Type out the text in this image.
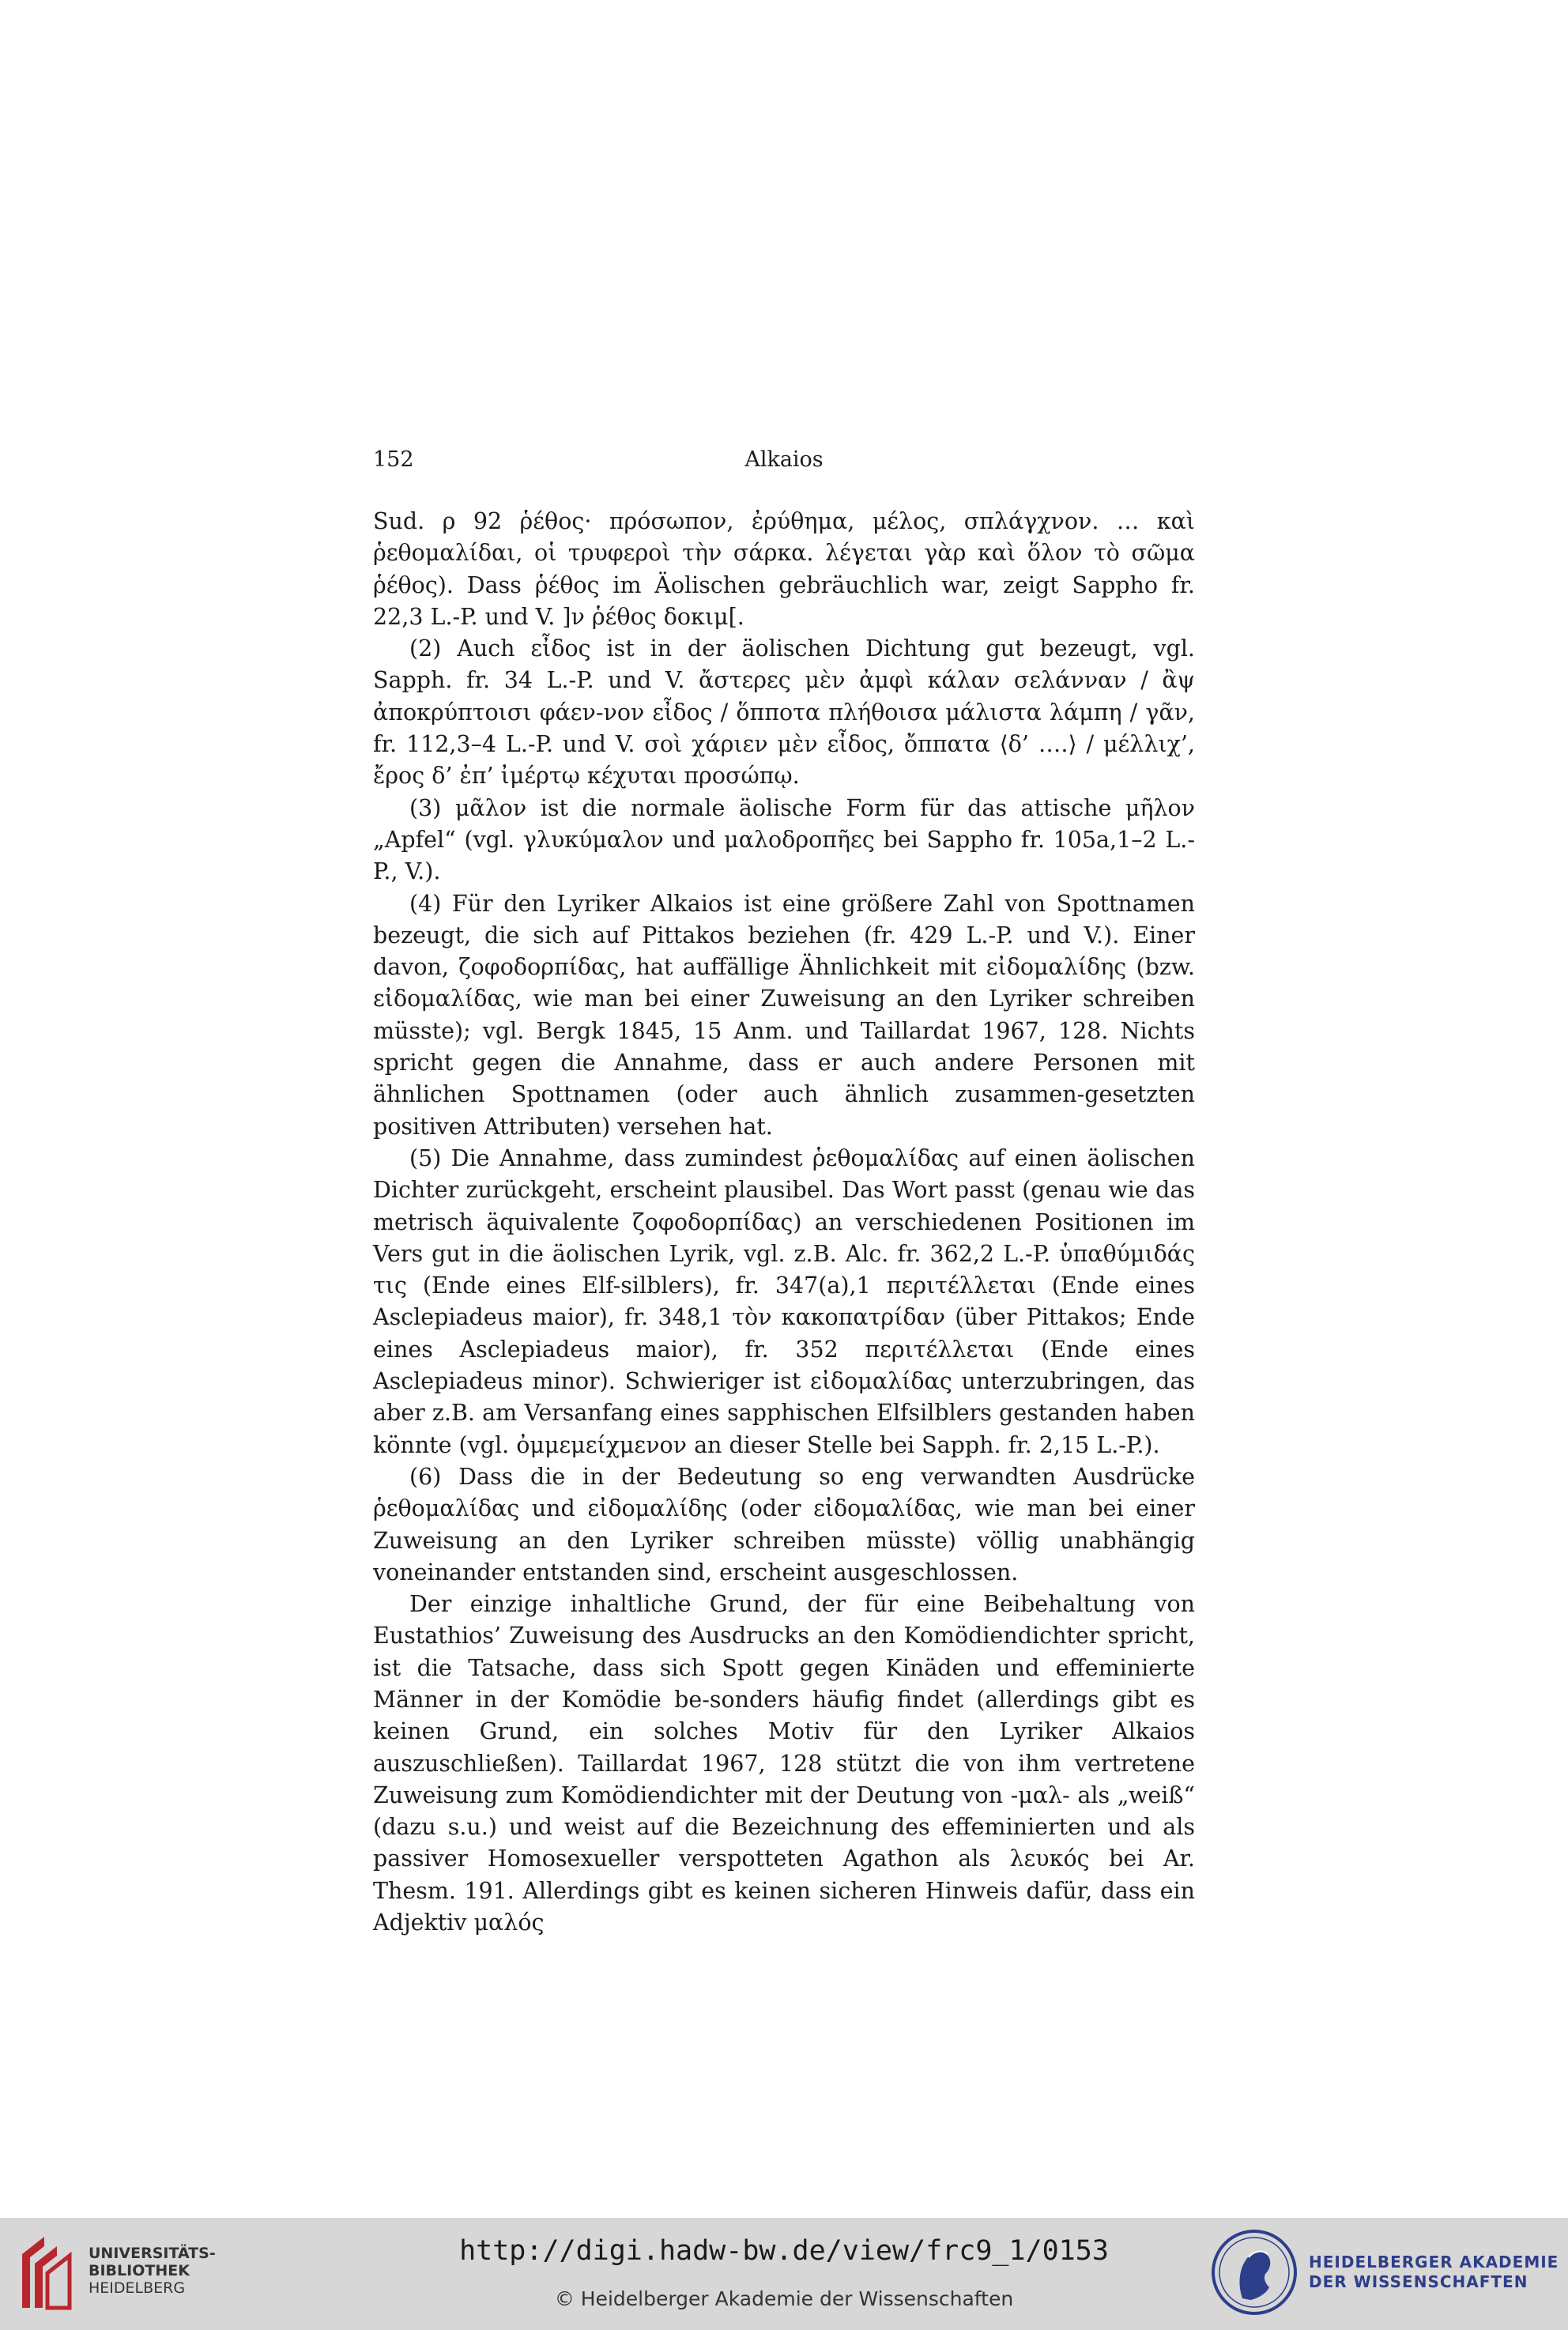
152	Alkaios

Sud. ρ 92 ῥέθος· πρόσωπον, ἐρύθημα, μέλος, σπλάγχνον. … καὶ ῥεθομαλίδαι, οἱ τρυφεροὶ τὴν σάρκα. λέγεται γὰρ καὶ ὅλον τὸ σῶμα ῥέθος). Dass ῥέθος im Äolischen gebräuchlich war, zeigt Sappho fr. 22,3 L.-P. und V. ]ν ῥέθος δοκιμ[.

(2) Auch εἶδος ist in der äolischen Dichtung gut bezeugt, vgl. Sapph. fr. 34 L.-P. und V. ἄστερες μὲν ἀμφὶ κάλαν σελάνναν / ἂψ ἀποκρύπτοισι φάεν-νον εἶδος / ὅπποτα πλήθοισα μάλιστα λάμπη / γᾶν, fr. 112,3–4 L.-P. und V. σοὶ χάριεν μὲν εἶδος, ὄππατα ⟨δ’ ….⟩ / μέλλιχ’, ἔρος δ’ ἐπ’ ἰμέρτῳ κέχυται προσώπῳ.

(3) μᾶλον ist die normale äolische Form für das attische μῆλον „Apfel“ (vgl. γλυκύμαλον und μαλοδροπῆες bei Sappho fr. 105a,1–2 L.-P., V.).

(4) Für den Lyriker Alkaios ist eine größere Zahl von Spottnamen bezeugt, die sich auf Pittakos beziehen (fr. 429 L.-P. und V.). Einer davon, ζοφοδορπίδας, hat auffällige Ähnlichkeit mit εἰδομαλίδης (bzw. εἰδομαλίδας, wie man bei einer Zuweisung an den Lyriker schreiben müsste); vgl. Bergk 1845, 15 Anm. und Taillardat 1967, 128. Nichts spricht gegen die Annahme, dass er auch andere Personen mit ähnlichen Spottnamen (oder auch ähnlich zusammen-gesetzten positiven Attributen) versehen hat.

(5) Die Annahme, dass zumindest ῥεθομαλίδας auf einen äolischen Dichter zurückgeht, erscheint plausibel. Das Wort passt (genau wie das metrisch äquivalente ζοφοδορπίδας) an verschiedenen Positionen im Vers gut in die äolischen Lyrik, vgl. z.B. Alc. fr. 362,2 L.-P. ὑπαθύμιδάς τις (Ende eines Elf-silblers), fr. 347(a),1 περιτέλλεται (Ende eines Asclepiadeus maior), fr. 348,1 τὸν κακοπατρίδαν (über Pittakos; Ende eines Asclepiadeus maior), fr. 352 περιτέλλεται (Ende eines Asclepiadeus minor). Schwieriger ist εἰδομαλίδας unterzubringen, das aber z.B. am Versanfang eines sapphischen Elfsilblers gestanden haben könnte (vgl. ὀμμεμείχμενον an dieser Stelle bei Sapph. fr. 2,15 L.-P.).

(6) Dass die in der Bedeutung so eng verwandten Ausdrücke ῥεθομαλίδας und εἰδομαλίδης (oder εἰδομαλίδας, wie man bei einer Zuweisung an den Lyriker schreiben müsste) völlig unabhängig voneinander entstanden sind, erscheint ausgeschlossen.

Der einzige inhaltliche Grund, der für eine Beibehaltung von Eustathios’ Zuweisung des Ausdrucks an den Komödiendichter spricht, ist die Tatsache, dass sich Spott gegen Kinäden und effeminierte Männer in der Komödie be-sonders häufig findet (allerdings gibt es keinen Grund, ein solches Motiv für den Lyriker Alkaios auszuschließen). Taillardat 1967, 128 stützt die von ihm vertretene Zuweisung zum Komödiendichter mit der Deutung von -μαλ- als „weiß“ (dazu s.u.) und weist auf die Bezeichnung des effeminierten und als passiver Homosexueller verspotteten Agathon als λευκός bei Ar. Thesm. 191. Allerdings gibt es keinen sicheren Hinweis dafür, dass ein Adjektiv μαλός

UNIVERSITÄTS-
BIBLIOTHEK
HEIDELBERG
http://digi.hadw-bw.de/view/frc9_1/0153
© Heidelberger Akademie der Wissenschaften
HEIDELBERGER AKADEMIE
DER WISSENSCHAFTEN
